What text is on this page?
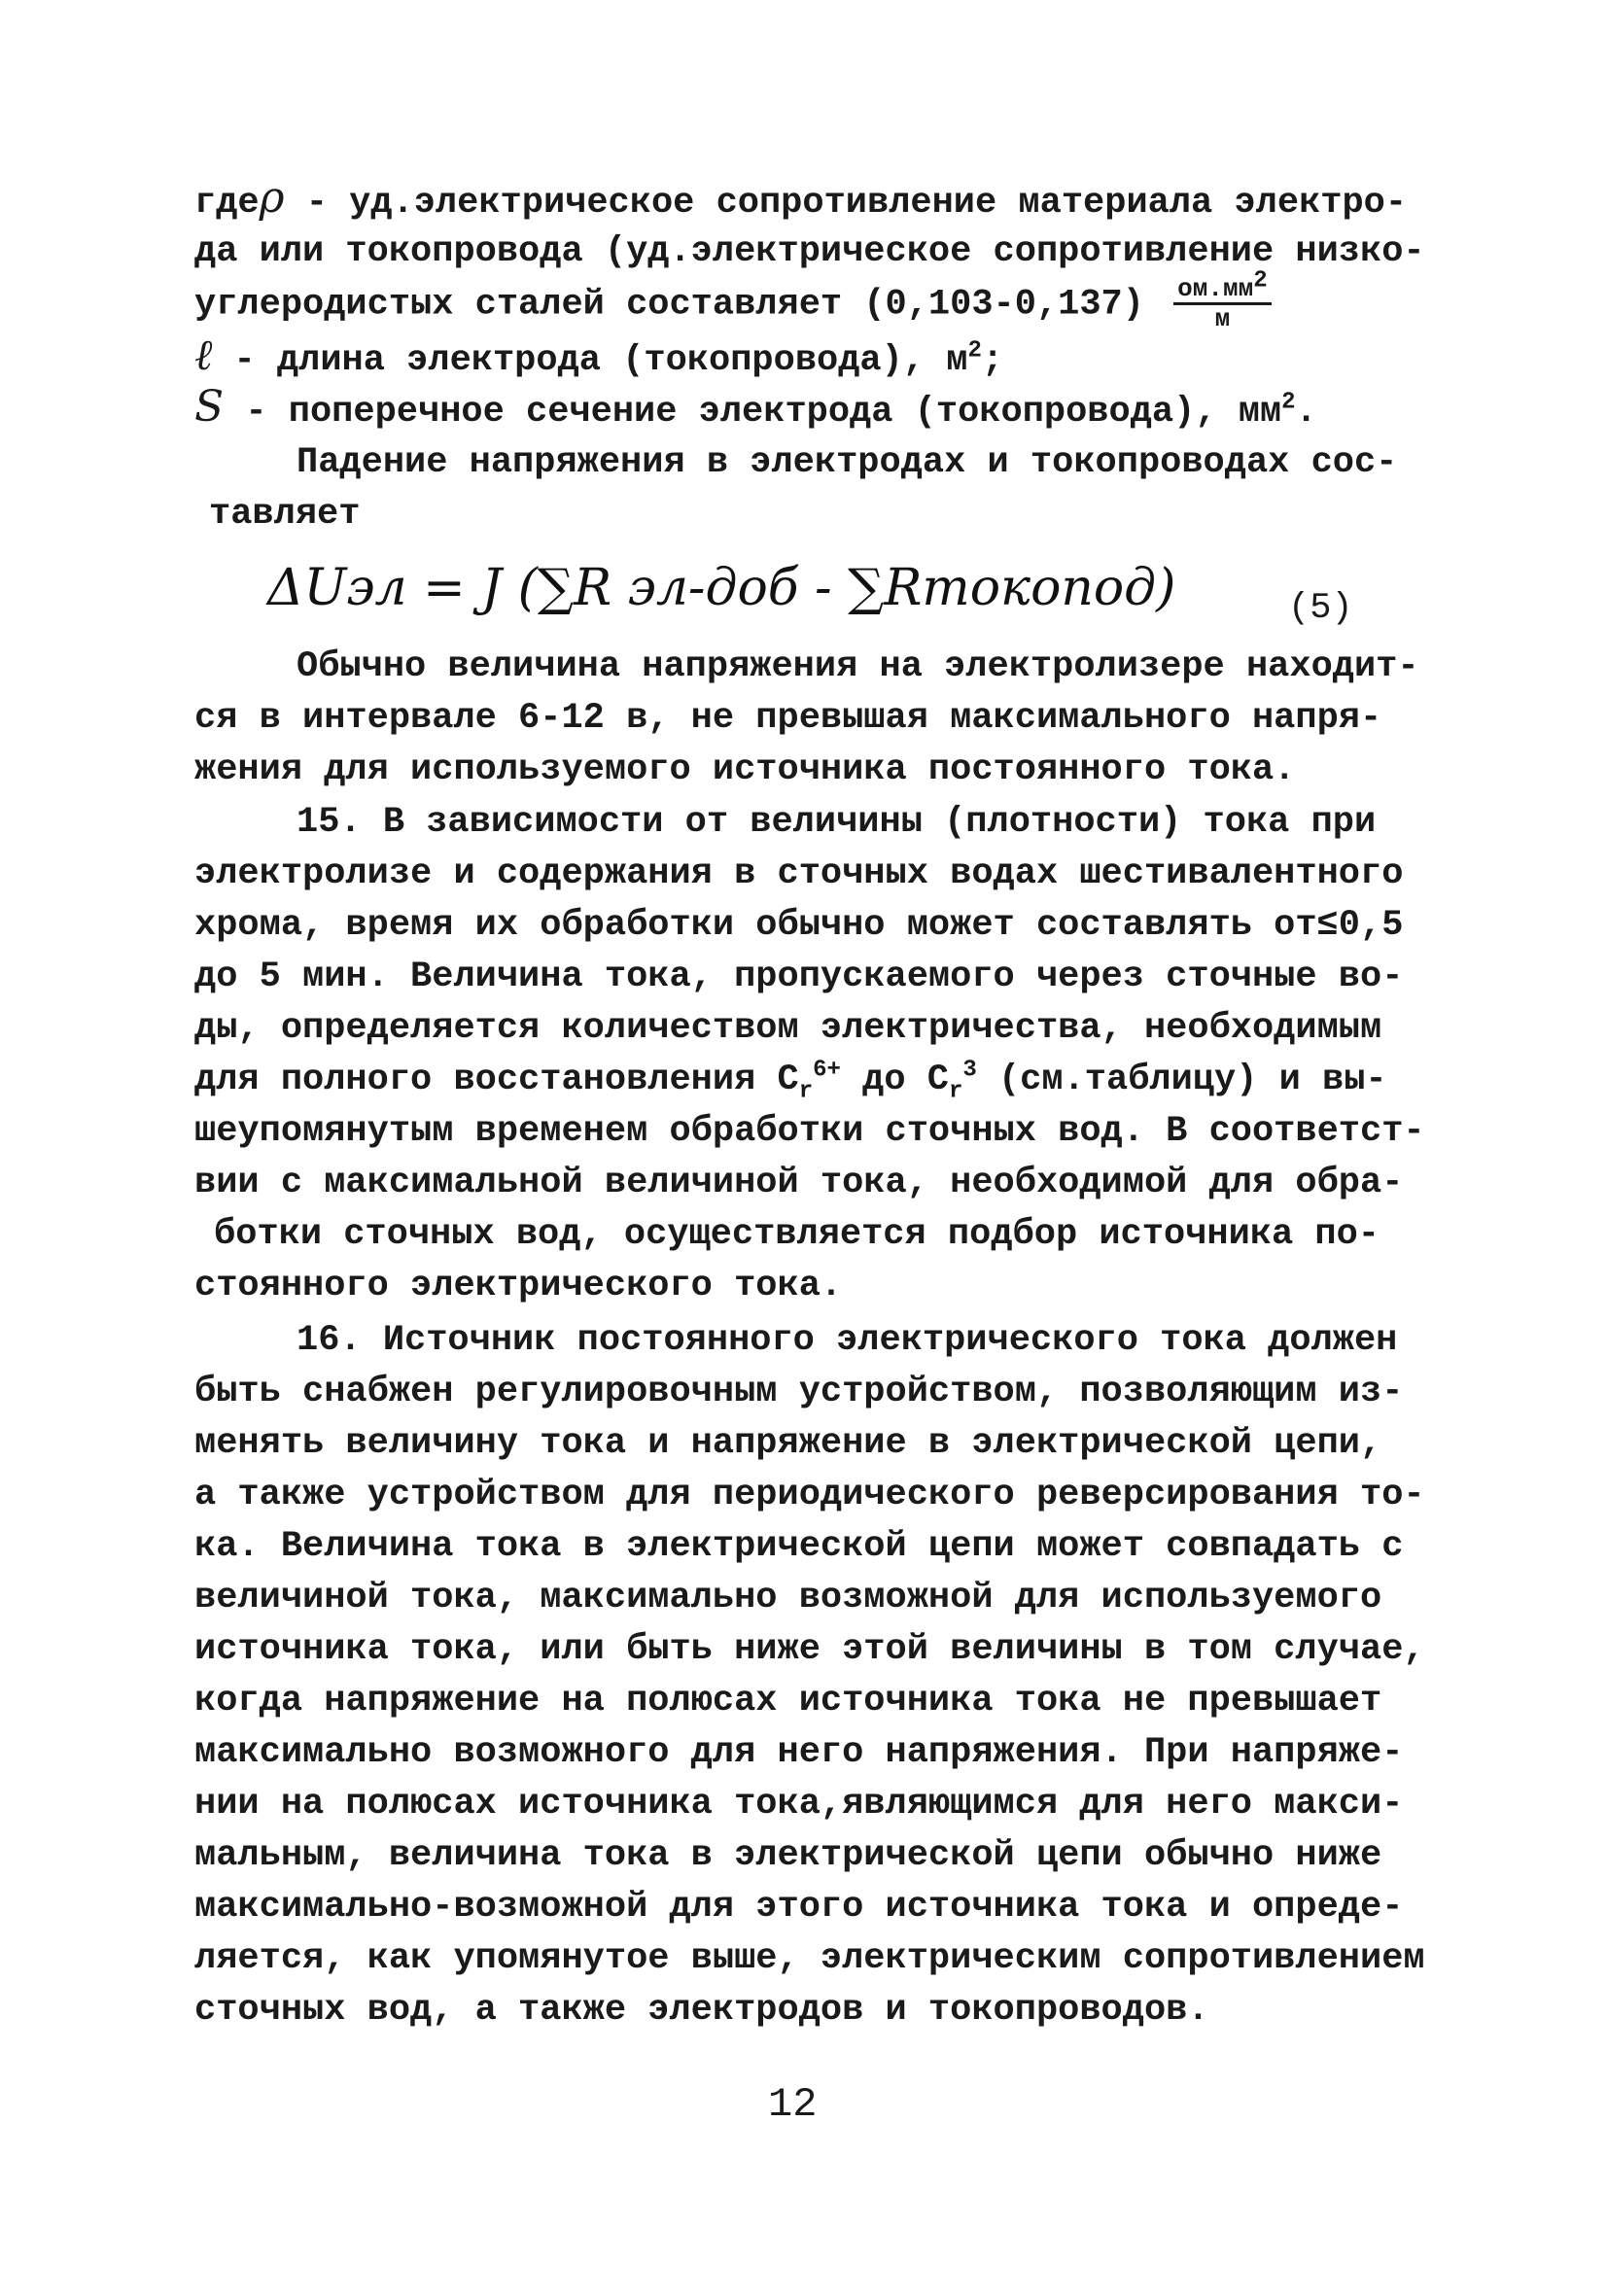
гдеρ - уд.электрическое сопротивление материала электро-
да или токопровода (уд.электрическое сопротивление низко-
углеродистых сталей составляет $(0,103-0,137) \frac{ом.мм^2}{м}$
ℓ - длина электрода (токопровода), $м^2$;
S - поперечное сечение электрода (токопровода), $мм^2$.
Падение напряжения в электродах и токопроводах сос-
тавляет
ΔUэл = J (∑R эл-доб - ∑Rтокопод)	(5)
Обычно величина напряжения на электролизере находит-
ся в интервале 6-12 в, не превышая максимального напря-
жения для используемого источника постоянного тока.
15. В зависимости от величины (плотности) тока при
электролизе и содержания в сточных водах шестивалентного
хрома, время их обработки обычно может составлять от≤0,5
до 5 мин. Величина тока, пропускаемого через сточные во-
ды, определяется количеством электричества, необходимым
для полного восстановления $C_r^{6+}$ до $C_r^3$ (см.таблицу) и вы-
шеупомянутым временем обработки сточных вод. В соответст-
вии с максимальной величиной тока, необходимой для обра-
ботки сточных вод, осуществляется подбор источника по-
стоянного электрического тока.
16. Источник постоянного электрического тока должен
быть снабжен регулировочным устройством, позволяющим из-
менять величину тока и напряжение в электрической цепи,
а также устройством для периодического реверсирования то-
ка. Величина тока в электрической цепи может совпадать с
величиной тока, максимально возможной для используемого
источника тока, или быть ниже этой величины в том случае,
когда напряжение на полюсах источника тока не превышает
максимально возможного для него напряжения. При напряже-
нии на полюсах источника тока,являющимся для него макси-
мальным, величина тока в электрической цепи обычно ниже
максимально-возможной для этого источника тока и опреде-
ляется, как упомянутое выше, электрическим сопротивлением
сточных вод, а также электродов и токопроводов.
12
